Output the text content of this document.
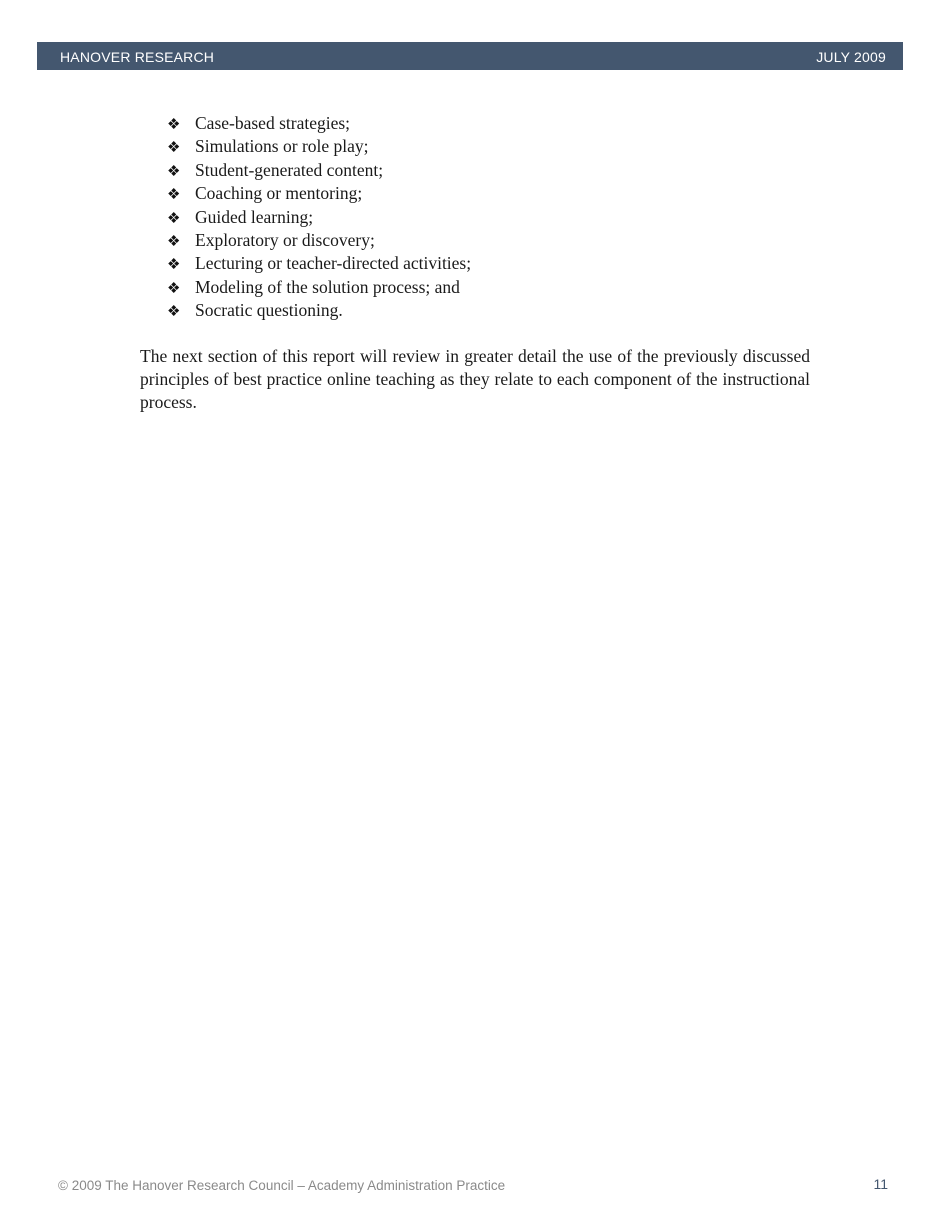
HANOVER RESEARCH	JULY 2009
❖ Case-based strategies;
❖ Simulations or role play;
❖ Student-generated content;
❖ Coaching or mentoring;
❖ Guided learning;
❖ Exploratory or discovery;
❖ Lecturing or teacher-directed activities;
❖ Modeling of the solution process; and
❖ Socratic questioning.

The next section of this report will review in greater detail the use of the previously discussed principles of best practice online teaching as they relate to each component of the instructional process.

© 2009 The Hanover Research Council – Academy Administration Practice	11
